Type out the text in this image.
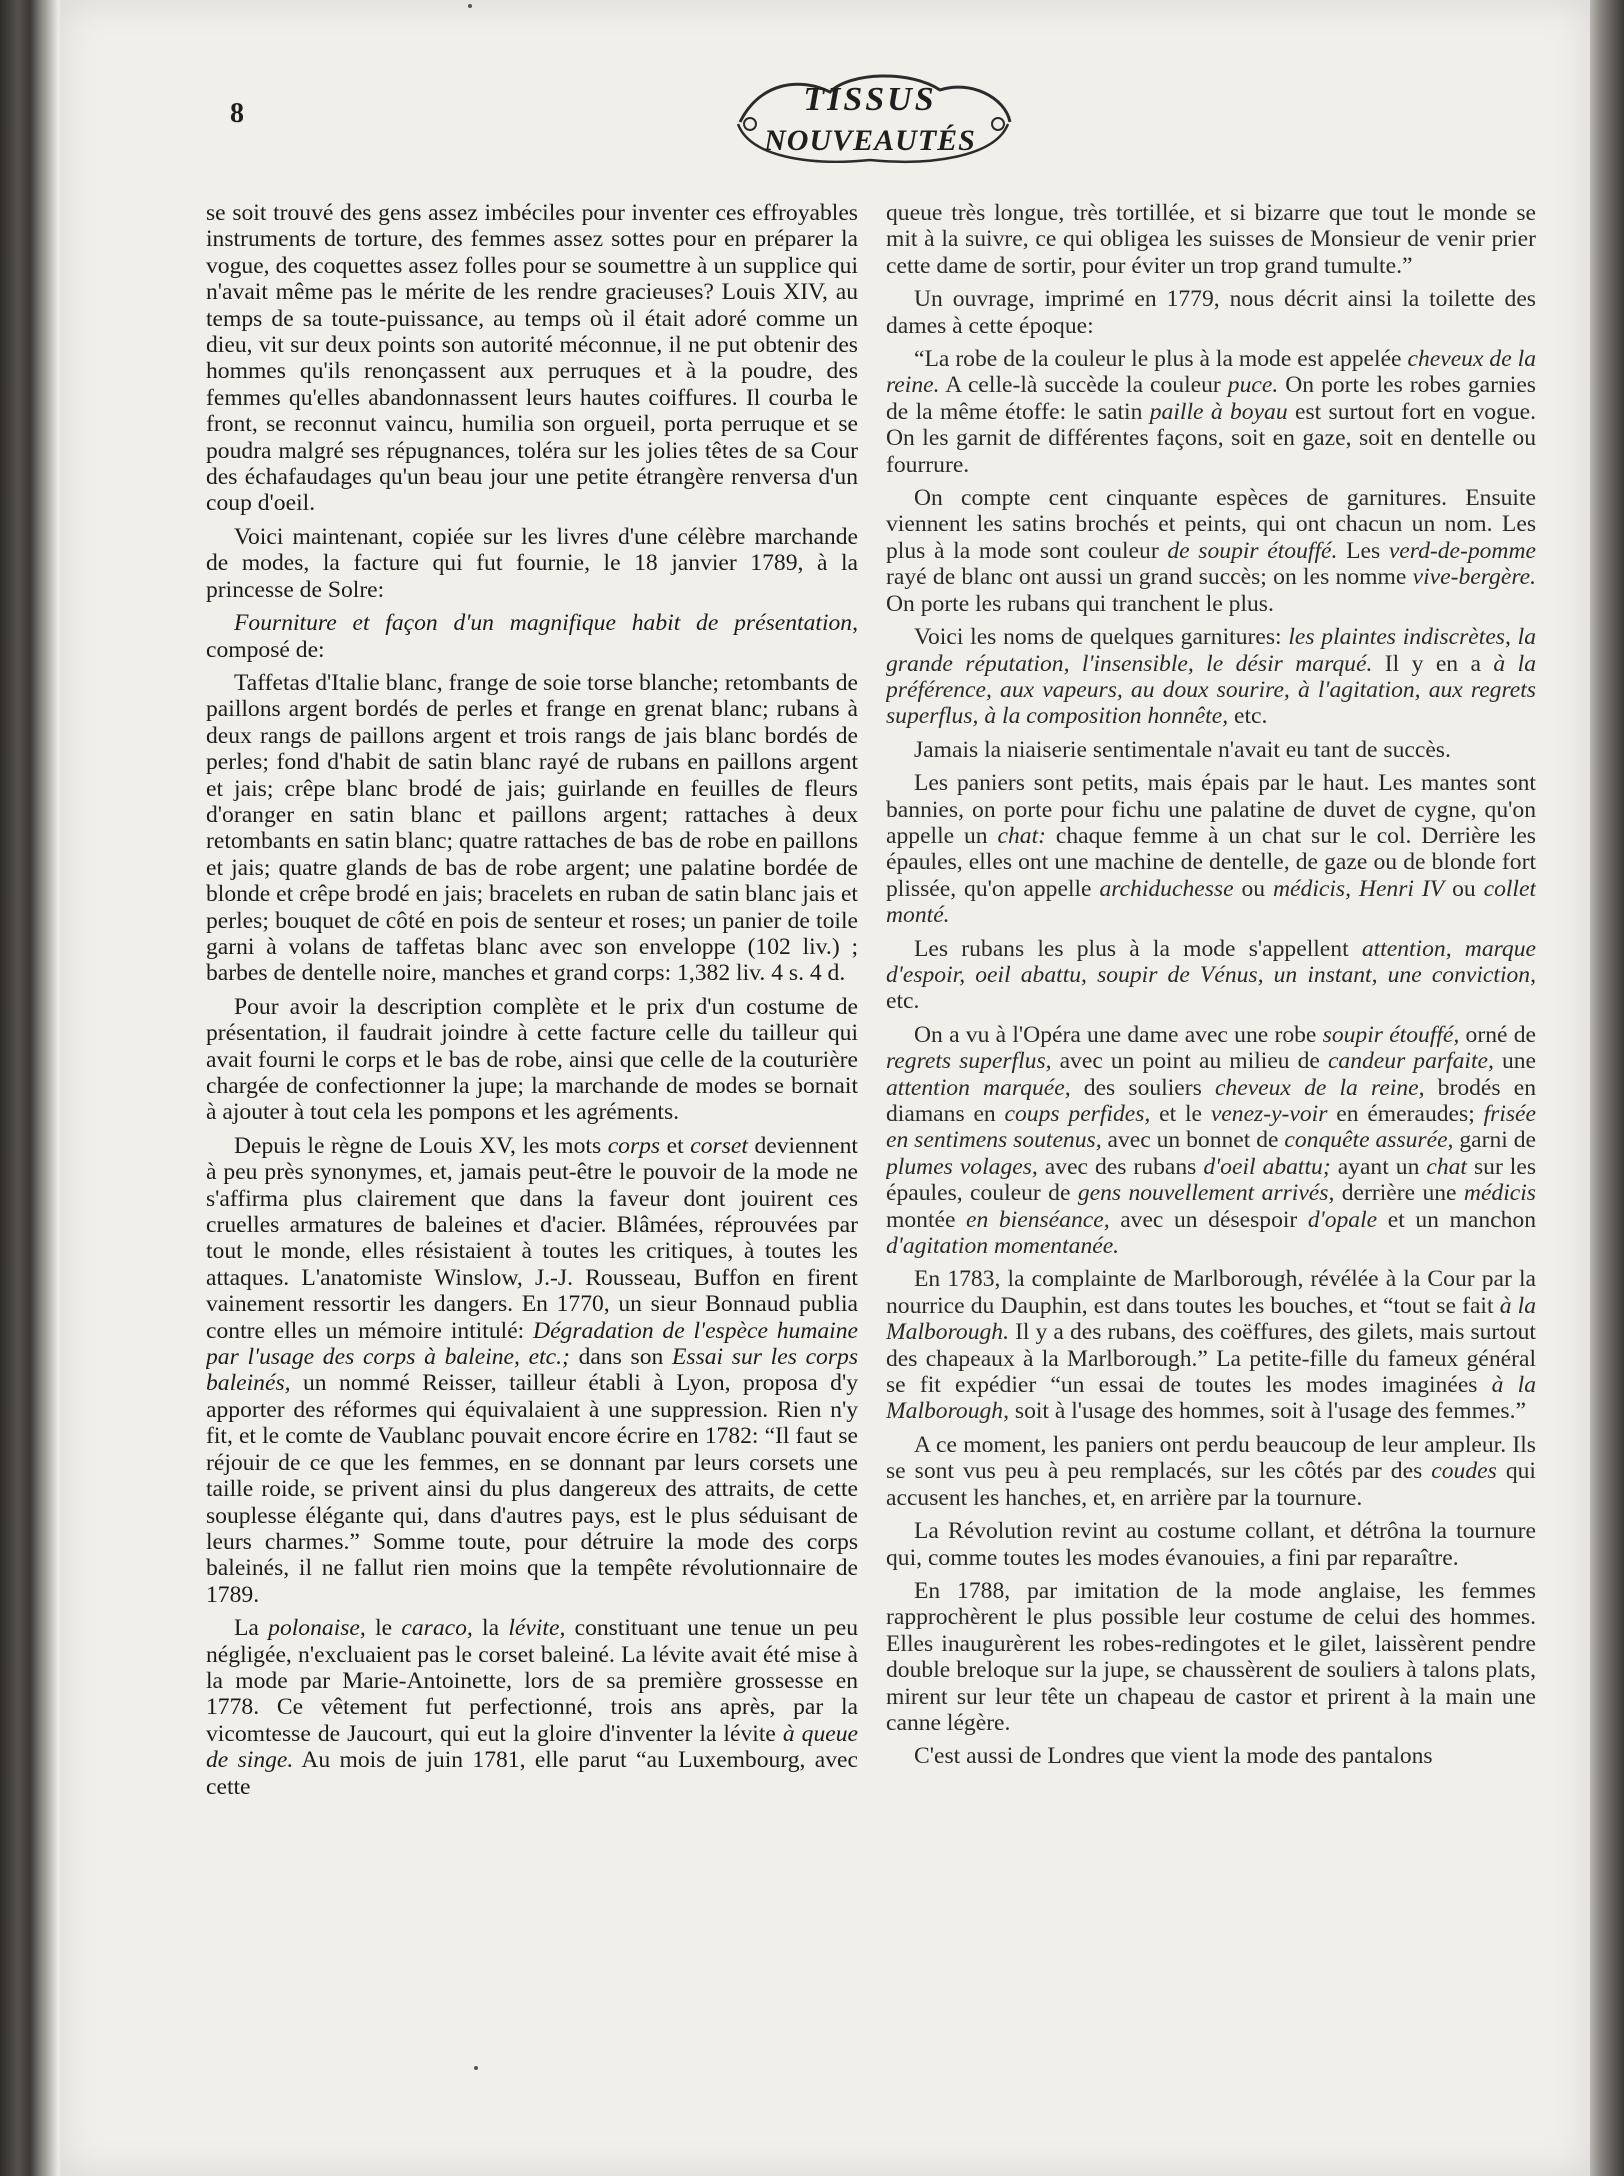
8	TISSUS
NOUVEAUTÉS

se soit trouvé des gens assez imbéciles pour inventer ces effroyables instruments de torture, des femmes assez sottes pour en préparer la vogue, des coquettes assez folles pour se soumettre à un supplice qui n'avait même pas le mérite de les rendre gracieuses? Louis XIV, au temps de sa toute-puissance, au temps où il était adoré comme un dieu, vit sur deux points son autorité méconnue, il ne put obtenir des hommes qu'ils renonçassent aux perruques et à la poudre, des femmes qu'elles abandonnassent leurs hautes coiffures. Il courba le front, se reconnut vaincu, humilia son orgueil, porta perruque et se poudra malgré ses répugnances, toléra sur les jolies têtes de sa Cour des échafaudages qu'un beau jour une petite étrangère renversa d'un coup d'oeil.

Voici maintenant, copiée sur les livres d'une célèbre marchande de modes, la facture qui fut fournie, le 18 janvier 1789, à la princesse de Solre:

Fourniture et façon d'un magnifique habit de présentation, composé de:

Taffetas d'Italie blanc, frange de soie torse blanche; retombants de paillons argent bordés de perles et frange en grenat blanc; rubans à deux rangs de paillons argent et trois rangs de jais blanc bordés de perles; fond d'habit de satin blanc rayé de rubans en paillons argent et jais; crêpe blanc brodé de jais; guirlande en feuilles de fleurs d'oranger en satin blanc et paillons argent; rattaches à deux retombants en satin blanc; quatre rattaches de bas de robe en paillons et jais; quatre glands de bas de robe argent; une palatine bordée de blonde et crêpe brodé en jais; bracelets en ruban de satin blanc jais et perles; bouquet de côté en pois de senteur et roses; un panier de toile garni à volans de taffetas blanc avec son enveloppe (102 liv.) ; barbes de dentelle noire, manches et grand corps: 1,382 liv. 4 s. 4 d.

Pour avoir la description complète et le prix d'un costume de présentation, il faudrait joindre à cette facture celle du tailleur qui avait fourni le corps et le bas de robe, ainsi que celle de la couturière chargée de confectionner la jupe; la marchande de modes se bornait à ajouter à tout cela les pompons et les agréments.

Depuis le règne de Louis XV, les mots corps et corset deviennent à peu près synonymes, et, jamais peut-être le pouvoir de la mode ne s'affirma plus clairement que dans la faveur dont jouirent ces cruelles armatures de baleines et d'acier. Blâmées, réprouvées par tout le monde, elles résistaient à toutes les critiques, à toutes les attaques. L'anatomiste Winslow, J.-J. Rousseau, Buffon en firent vainement ressortir les dangers. En 1770, un sieur Bonnaud publia contre elles un mémoire intitulé: Dégradation de l'espèce humaine par l'usage des corps à baleine, etc.; dans son Essai sur les corps baleinés, un nommé Reisser, tailleur établi à Lyon, proposa d'y apporter des réformes qui équivalaient à une suppression. Rien n'y fit, et le comte de Vaublanc pouvait encore écrire en 1782: “Il faut se réjouir de ce que les femmes, en se donnant par leurs corsets une taille roide, se privent ainsi du plus dangereux des attraits, de cette souplesse élégante qui, dans d'autres pays, est le plus séduisant de leurs charmes.” Somme toute, pour détruire la mode des corps baleinés, il ne fallut rien moins que la tempête révolutionnaire de 1789.

La polonaise, le caraco, la lévite, constituant une tenue un peu négligée, n'excluaient pas le corset baleiné. La lévite avait été mise à la mode par Marie-Antoinette, lors de sa première grossesse en 1778. Ce vêtement fut perfectionné, trois ans après, par la vicomtesse de Jaucourt, qui eut la gloire d'inventer la lévite à queue de singe. Au mois de juin 1781, elle parut “au Luxembourg, avec cette

queue très longue, très tortillée, et si bizarre que tout le monde se mit à la suivre, ce qui obligea les suisses de Monsieur de venir prier cette dame de sortir, pour éviter un trop grand tumulte.”

Un ouvrage, imprimé en 1779, nous décrit ainsi la toilette des dames à cette époque:

“La robe de la couleur le plus à la mode est appelée cheveux de la reine. A celle-là succède la couleur puce. On porte les robes garnies de la même étoffe: le satin paille à boyau est surtout fort en vogue. On les garnit de différentes façons, soit en gaze, soit en dentelle ou fourrure.

On compte cent cinquante espèces de garnitures. Ensuite viennent les satins brochés et peints, qui ont chacun un nom. Les plus à la mode sont couleur de soupir étouffé. Les verd-de-pomme rayé de blanc ont aussi un grand succès; on les nomme vive-bergère. On porte les rubans qui tranchent le plus.

Voici les noms de quelques garnitures: les plaintes indiscrètes, la grande réputation, l'insensible, le désir marqué. Il y en a à la préférence, aux vapeurs, au doux sourire, à l'agitation, aux regrets superflus, à la composition honnête, etc.

Jamais la niaiserie sentimentale n'avait eu tant de succès.

Les paniers sont petits, mais épais par le haut. Les mantes sont bannies, on porte pour fichu une palatine de duvet de cygne, qu'on appelle un chat: chaque femme à un chat sur le col. Derrière les épaules, elles ont une machine de dentelle, de gaze ou de blonde fort plissée, qu'on appelle archiduchesse ou médicis, Henri IV ou collet monté.

Les rubans les plus à la mode s'appellent attention, marque d'espoir, oeil abattu, soupir de Vénus, un instant, une conviction, etc.

On a vu à l'Opéra une dame avec une robe soupir étouffé, orné de regrets superflus, avec un point au milieu de candeur parfaite, une attention marquée, des souliers cheveux de la reine, brodés en diamans en coups perfides, et le venez-y-voir en émeraudes; frisée en sentimens soutenus, avec un bonnet de conquête assurée, garni de plumes volages, avec des rubans d'oeil abattu; ayant un chat sur les épaules, couleur de gens nouvellement arrivés, derrière une médicis montée en bienséance, avec un désespoir d'opale et un manchon d'agitation momentanée.

En 1783, la complainte de Marlborough, révélée à la Cour par la nourrice du Dauphin, est dans toutes les bouches, et “tout se fait à la Malborough. Il y a des rubans, des coëffures, des gilets, mais surtout des chapeaux à la Marlborough.” La petite-fille du fameux général se fit expédier “un essai de toutes les modes imaginées à la Malborough, soit à l'usage des hommes, soit à l'usage des femmes.”

A ce moment, les paniers ont perdu beaucoup de leur ampleur. Ils se sont vus peu à peu remplacés, sur les côtés par des coudes qui accusent les hanches, et, en arrière par la tournure.

La Révolution revint au costume collant, et détrôna la tournure qui, comme toutes les modes évanouies, a fini par reparaître.

En 1788, par imitation de la mode anglaise, les femmes rapprochèrent le plus possible leur costume de celui des hommes. Elles inaugurèrent les robes-redingotes et le gilet, laissèrent pendre double breloque sur la jupe, se chaussèrent de souliers à talons plats, mirent sur leur tête un chapeau de castor et prirent à la main une canne légère.

C'est aussi de Londres que vient la mode des pantalons
